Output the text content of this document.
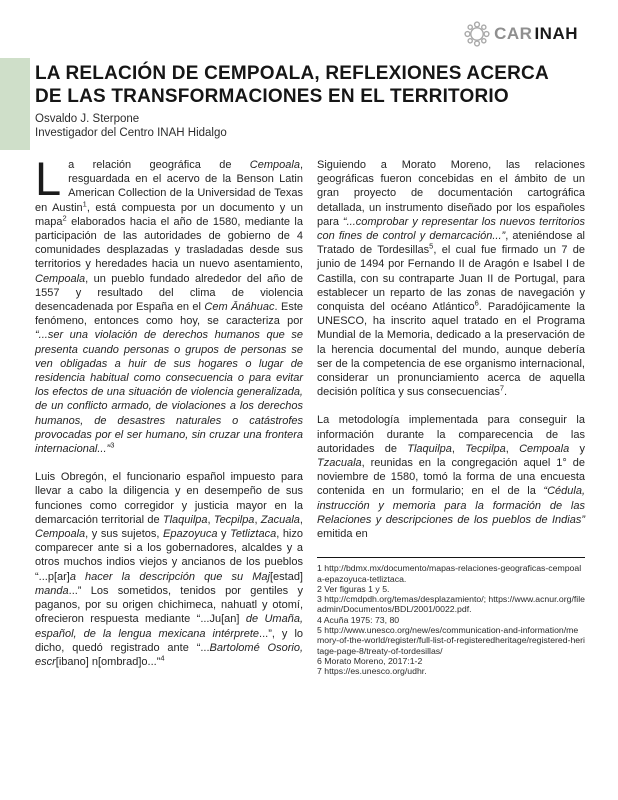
CAR INAH
LA RELACIÓN DE CEMPOALA, REFLEXIONES ACERCA
DE LAS TRANSFORMACIONES EN EL TERRITORIO

Osvaldo J. Sterpone

Investigador del Centro INAH Hidalgo

La relación geográfica de Cempoala, resguardada en el acervo de la Benson Latin American Collection de la Universidad de Texas en Austin$^1$, está compuesta por un documento y un mapa$^2$ elaborados hacia el año de 1580, mediante la participación de las autoridades de gobierno de 4 comunidades desplazadas y trasladadas desde sus territorios y heredades hacia un nuevo asentamiento, Cempoala, un pueblo fundado alrededor del año de 1557 y resultado del clima de violencia desencadenada por España en el Cem Ānáhuac. Este fenómeno, entonces como hoy, se caracteriza por “...ser una violación de derechos humanos que se presenta cuando personas o grupos de personas se ven obligadas a huir de sus hogares o lugar de residencia habitual como consecuencia o para evitar los efectos de una situación de violencia generalizada, de un conflicto armado, de violaciones a los derechos humanos, de desastres naturales o catástrofes provocadas por el ser humano, sin cruzar una frontera internacional...”$^3$

Luis Obregón, el funcionario español impuesto para llevar a cabo la diligencia y en desempeño de sus funciones como corregidor y justicia mayor en la demarcación territorial de Tlaquilpa, Tecpilpa, Zacuala, Cempoala, y sus sujetos, Epazoyuca y Tetliztaca, hizo comparecer ante si a los gobernadores, alcaldes y a otros muchos indios viejos y ancianos de los pueblos “...p[ar]a hacer la descripción que su Maj[estad] manda...” Los sometidos, tenidos por gentiles y paganos, por su origen chichimeca, nahuatl y otomí, ofrecieron respuesta mediante “...Ju[an] de Umaña, español, de la lengua mexicana intérprete...”, y lo dicho, quedó registrado ante “...Bartolomé Osorio, escr[ibano] n[ombrad]o...”$^4$

Siguiendo a Morato Moreno, las relaciones geográficas fueron concebidas en el ámbito de un gran proyecto de documentación cartográfica detallada, un instrumento diseñado por los españoles para “...comprobar y representar los nuevos territorios con fines de control y demarcación...”, ateniéndose al Tratado de Tordesillas$^5$, el cual fue firmado un 7 de junio de 1494 por Fernando II de Aragón e Isabel I de Castilla, con su contraparte Juan II de Portugal, para establecer un reparto de las zonas de navegación y conquista del océano Atlántico$^6$. Paradójicamente la UNESCO, ha inscrito aquel tratado en el Programa Mundial de la Memoria, dedicado a la preservación de la herencia documental del mundo, aunque debería ser de la competencia de ese organismo internacional, considerar un pronunciamiento acerca de aquella decisión política y sus consecuencias$^7$.

La metodología implementada para conseguir la información durante la comparecencia de las autoridades de Tlaquilpa, Tecpilpa, Cempoala y Tzacuala, reunidas en la congregación aquel 1° de noviembre de 1580, tomó la forma de una encuesta contenida en un formulario; en el de la “Cédula, instrucción y memoria para la formación de las Relaciones y descripciones de los pueblos de Indias” emitida en

1 http://bdmx.mx/documento/mapas-relaciones-geograficas-cempoala-epazoyuca-tetliztaca.

2 Ver figuras 1 y 5.

3 http://cmdpdh.org/temas/desplazamiento/; https://www.acnur.org/fileadmin/Documentos/BDL/2001/0022.pdf.

4 Acuña 1975: 73, 80

5 http://www.unesco.org/new/es/communication-and-information/memory-of-the-world/register/full-list-of-registeredheritage/registered-heritage-page-8/treaty-of-tordesillas/

6 Morato Moreno, 2017:1-2

7 https://es.unesco.org/udhr.
